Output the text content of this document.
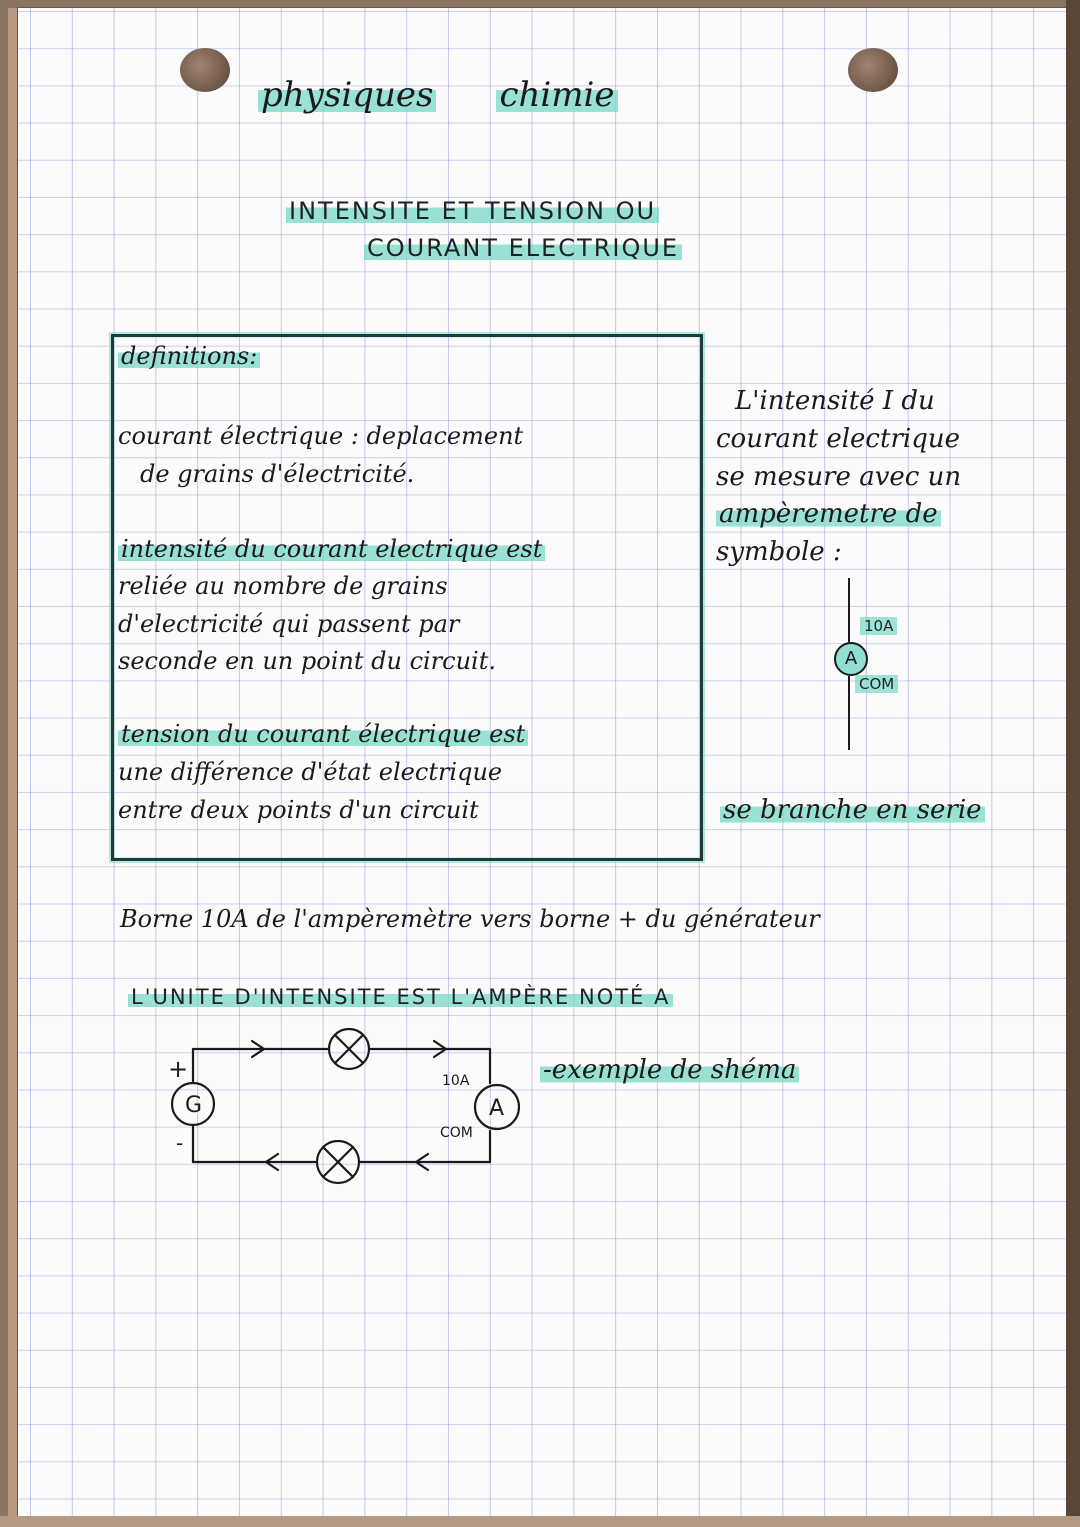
physiques chimie
INTENSITE ET TENSION OU
COURANT ELECTRIQUE
definitions:
courant électrique : deplacement
de grains d'électricité.
intensité du courant electrique est
reliée au nombre de grains
d'electricité qui passent par
seconde en un point du circuit.
tension du courant électrique est
une différence d'état electrique
entre deux points d'un circuit
L'intensité I du
courant electrique
se mesure avec un
ampèremetre de
symbole :
A
10A
COM
se branche en serie
Borne 10A de l'ampèremètre vers borne + du générateur
L'UNITE D'INTENSITE EST L'AMPÈRE NOTÉ A
G	A
+
-
10A
COM
-exemple de shéma
